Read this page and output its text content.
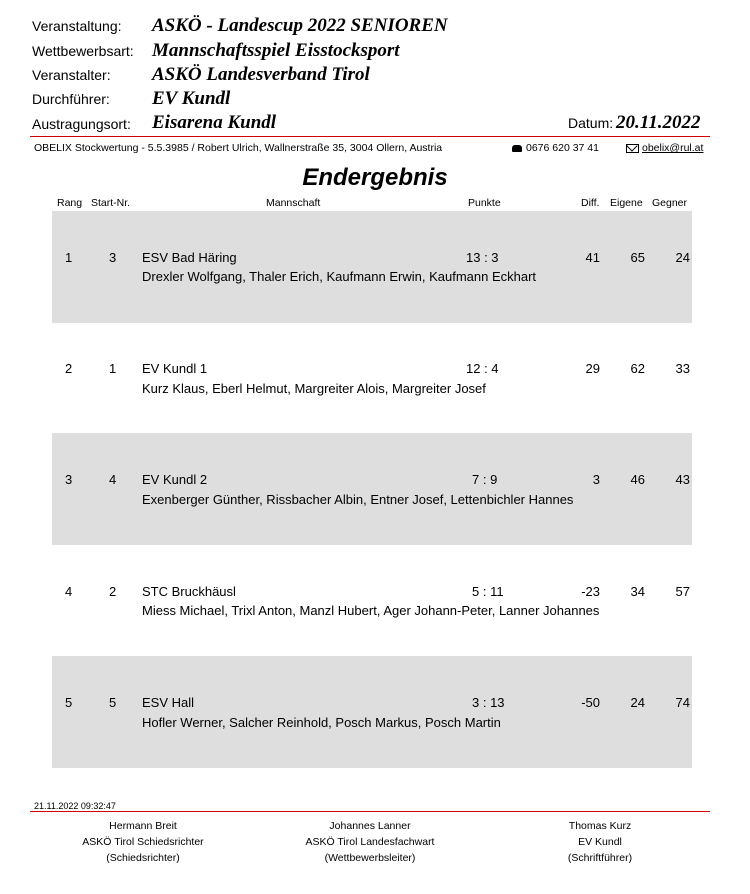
Veranstaltung: ASKÖ - Landescup 2022 SENIOREN
Wettbewerbsart: Mannschaftsspiel Eisstocksport
Veranstalter: ASKÖ Landesverband Tirol
Durchführer: EV Kundl
Austragungsort: Eisarena Kundl	Datum: 20.11.2022
OBELIX Stockwertung - 5.5.3985 / Robert Ulrich, Wallnerstraße 35, 3004 Ollern, Austria	0676 620 37 41	obelix@rul.at
Endergebnis
Rang Start-Nr.	Mannschaft	Punkte	Diff. Eigene Gegner
1	3 ESV Bad Häring	13 : 3	41	65	24
Drexler Wolfgang, Thaler Erich, Kaufmann Erwin, Kaufmann Eckhart
2	1 EV Kundl 1	12 : 4	29	62	33
Kurz Klaus, Eberl Helmut, Margreiter Alois, Margreiter Josef
3	4 EV Kundl 2	7 : 9	3	46	43
Exenberger Günther, Rissbacher Albin, Entner Josef, Lettenbichler Hannes
4	2 STC Bruckhäusl	5 : 11	-23	34	57
Miess Michael, Trixl Anton, Manzl Hubert, Ager Johann-Peter, Lanner Johannes
5	5 ESV Hall	3 : 13	-50	24	74
Hofler Werner, Salcher Reinhold, Posch Markus, Posch Martin
21.11.2022 09:32:47
Hermann Breit
ASKÖ Tirol Schiedsrichter
(Schiedsrichter)
Johannes Lanner
ASKÖ Tirol Landesfachwart
(Wettbewerbsleiter)
Thomas Kurz
EV Kundl
(Schriftführer)
